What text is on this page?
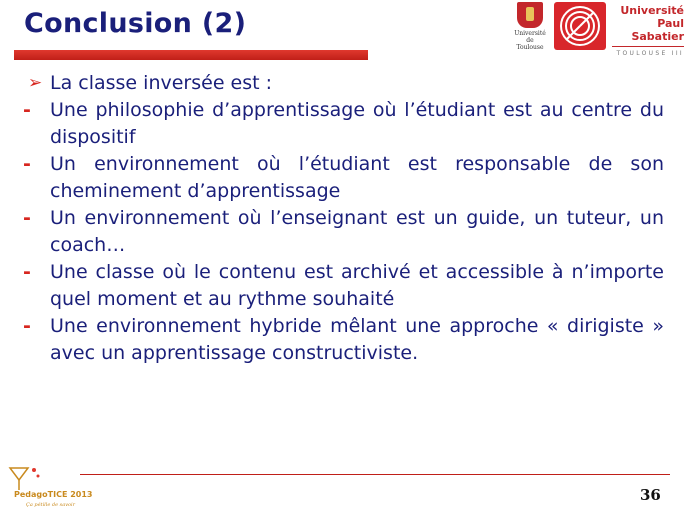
Conclusion (2)	Université
de Toulouse
Université
Paul Sabatier
TOULOUSE III

➢ La classe inversée est :

- Une philosophie d’apprentissage où l’étudiant est au centre du dispositif
- Un environnement où l’étudiant est responsable de son cheminement d’apprentissage
- Un environnement où l’enseignant est un guide, un tuteur, un coach…
- Une classe où le contenu est archivé et accessible à n’importe quel moment et au rythme souhaité
- Une environnement hybride mêlant une approche « dirigiste » avec un apprentissage constructiviste.
PedagoTICE 2013
Ça pétille de savoir
36
